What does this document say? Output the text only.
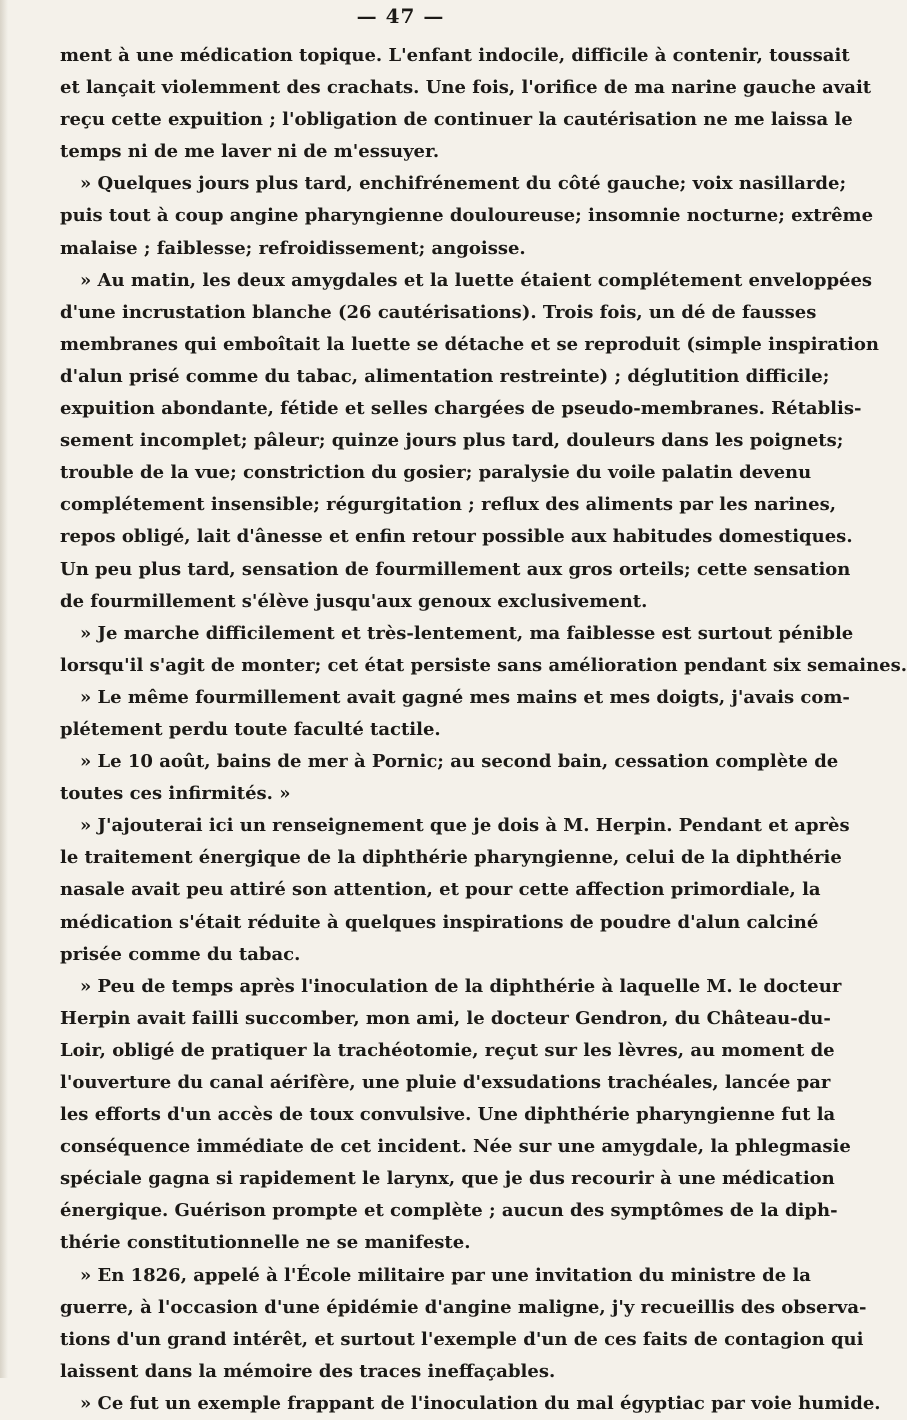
— 47 —
ment à une médication topique. L'enfant indocile, difficile à contenir, toussait
et lançait violemment des crachats. Une fois, l'orifice de ma narine gauche avait
reçu cette expuition ; l'obligation de continuer la cautérisation ne me laissa le
temps ni de me laver ni de m'essuyer.
» Quelques jours plus tard, enchifrénement du côté gauche; voix nasillarde;
puis tout à coup angine pharyngienne douloureuse; insomnie nocturne; extrême
malaise ; faiblesse; refroidissement; angoisse.
» Au matin, les deux amygdales et la luette étaient complétement enveloppées
d'une incrustation blanche (26 cautérisations). Trois fois, un dé de fausses
membranes qui emboîtait la luette se détache et se reproduit (simple inspiration
d'alun prisé comme du tabac, alimentation restreinte) ; déglutition difficile;
expuition abondante, fétide et selles chargées de pseudo-membranes. Rétablis-
sement incomplet; pâleur; quinze jours plus tard, douleurs dans les poignets;
trouble de la vue; constriction du gosier; paralysie du voile palatin devenu
complétement insensible; régurgitation ; reflux des aliments par les narines,
repos obligé, lait d'ânesse et enfin retour possible aux habitudes domestiques.
Un peu plus tard, sensation de fourmillement aux gros orteils; cette sensation
de fourmillement s'élève jusqu'aux genoux exclusivement.
» Je marche difficilement et très-lentement, ma faiblesse est surtout pénible
lorsqu'il s'agit de monter; cet état persiste sans amélioration pendant six semaines.
» Le même fourmillement avait gagné mes mains et mes doigts, j'avais com-
plétement perdu toute faculté tactile.
» Le 10 août, bains de mer à Pornic; au second bain, cessation complète de
toutes ces infirmités. »
» J'ajouterai ici un renseignement que je dois à M. Herpin. Pendant et après
le traitement énergique de la diphthérie pharyngienne, celui de la diphthérie
nasale avait peu attiré son attention, et pour cette affection primordiale, la
médication s'était réduite à quelques inspirations de poudre d'alun calciné
prisée comme du tabac.
» Peu de temps après l'inoculation de la diphthérie à laquelle M. le docteur
Herpin avait failli succomber, mon ami, le docteur Gendron, du Château-du-
Loir, obligé de pratiquer la trachéotomie, reçut sur les lèvres, au moment de
l'ouverture du canal aérifère, une pluie d'exsudations trachéales, lancée par
les efforts d'un accès de toux convulsive. Une diphthérie pharyngienne fut la
conséquence immédiate de cet incident. Née sur une amygdale, la phlegmasie
spéciale gagna si rapidement le larynx, que je dus recourir à une médication
énergique. Guérison prompte et complète ; aucun des symptômes de la diph-
thérie constitutionnelle ne se manifeste.
» En 1826, appelé à l'École militaire par une invitation du ministre de la
guerre, à l'occasion d'une épidémie d'angine maligne, j'y recueillis des observa-
tions d'un grand intérêt, et surtout l'exemple d'un de ces faits de contagion qui
laissent dans la mémoire des traces ineffaçables.
» Ce fut un exemple frappant de l'inoculation du mal égyptiac par voie humide.
